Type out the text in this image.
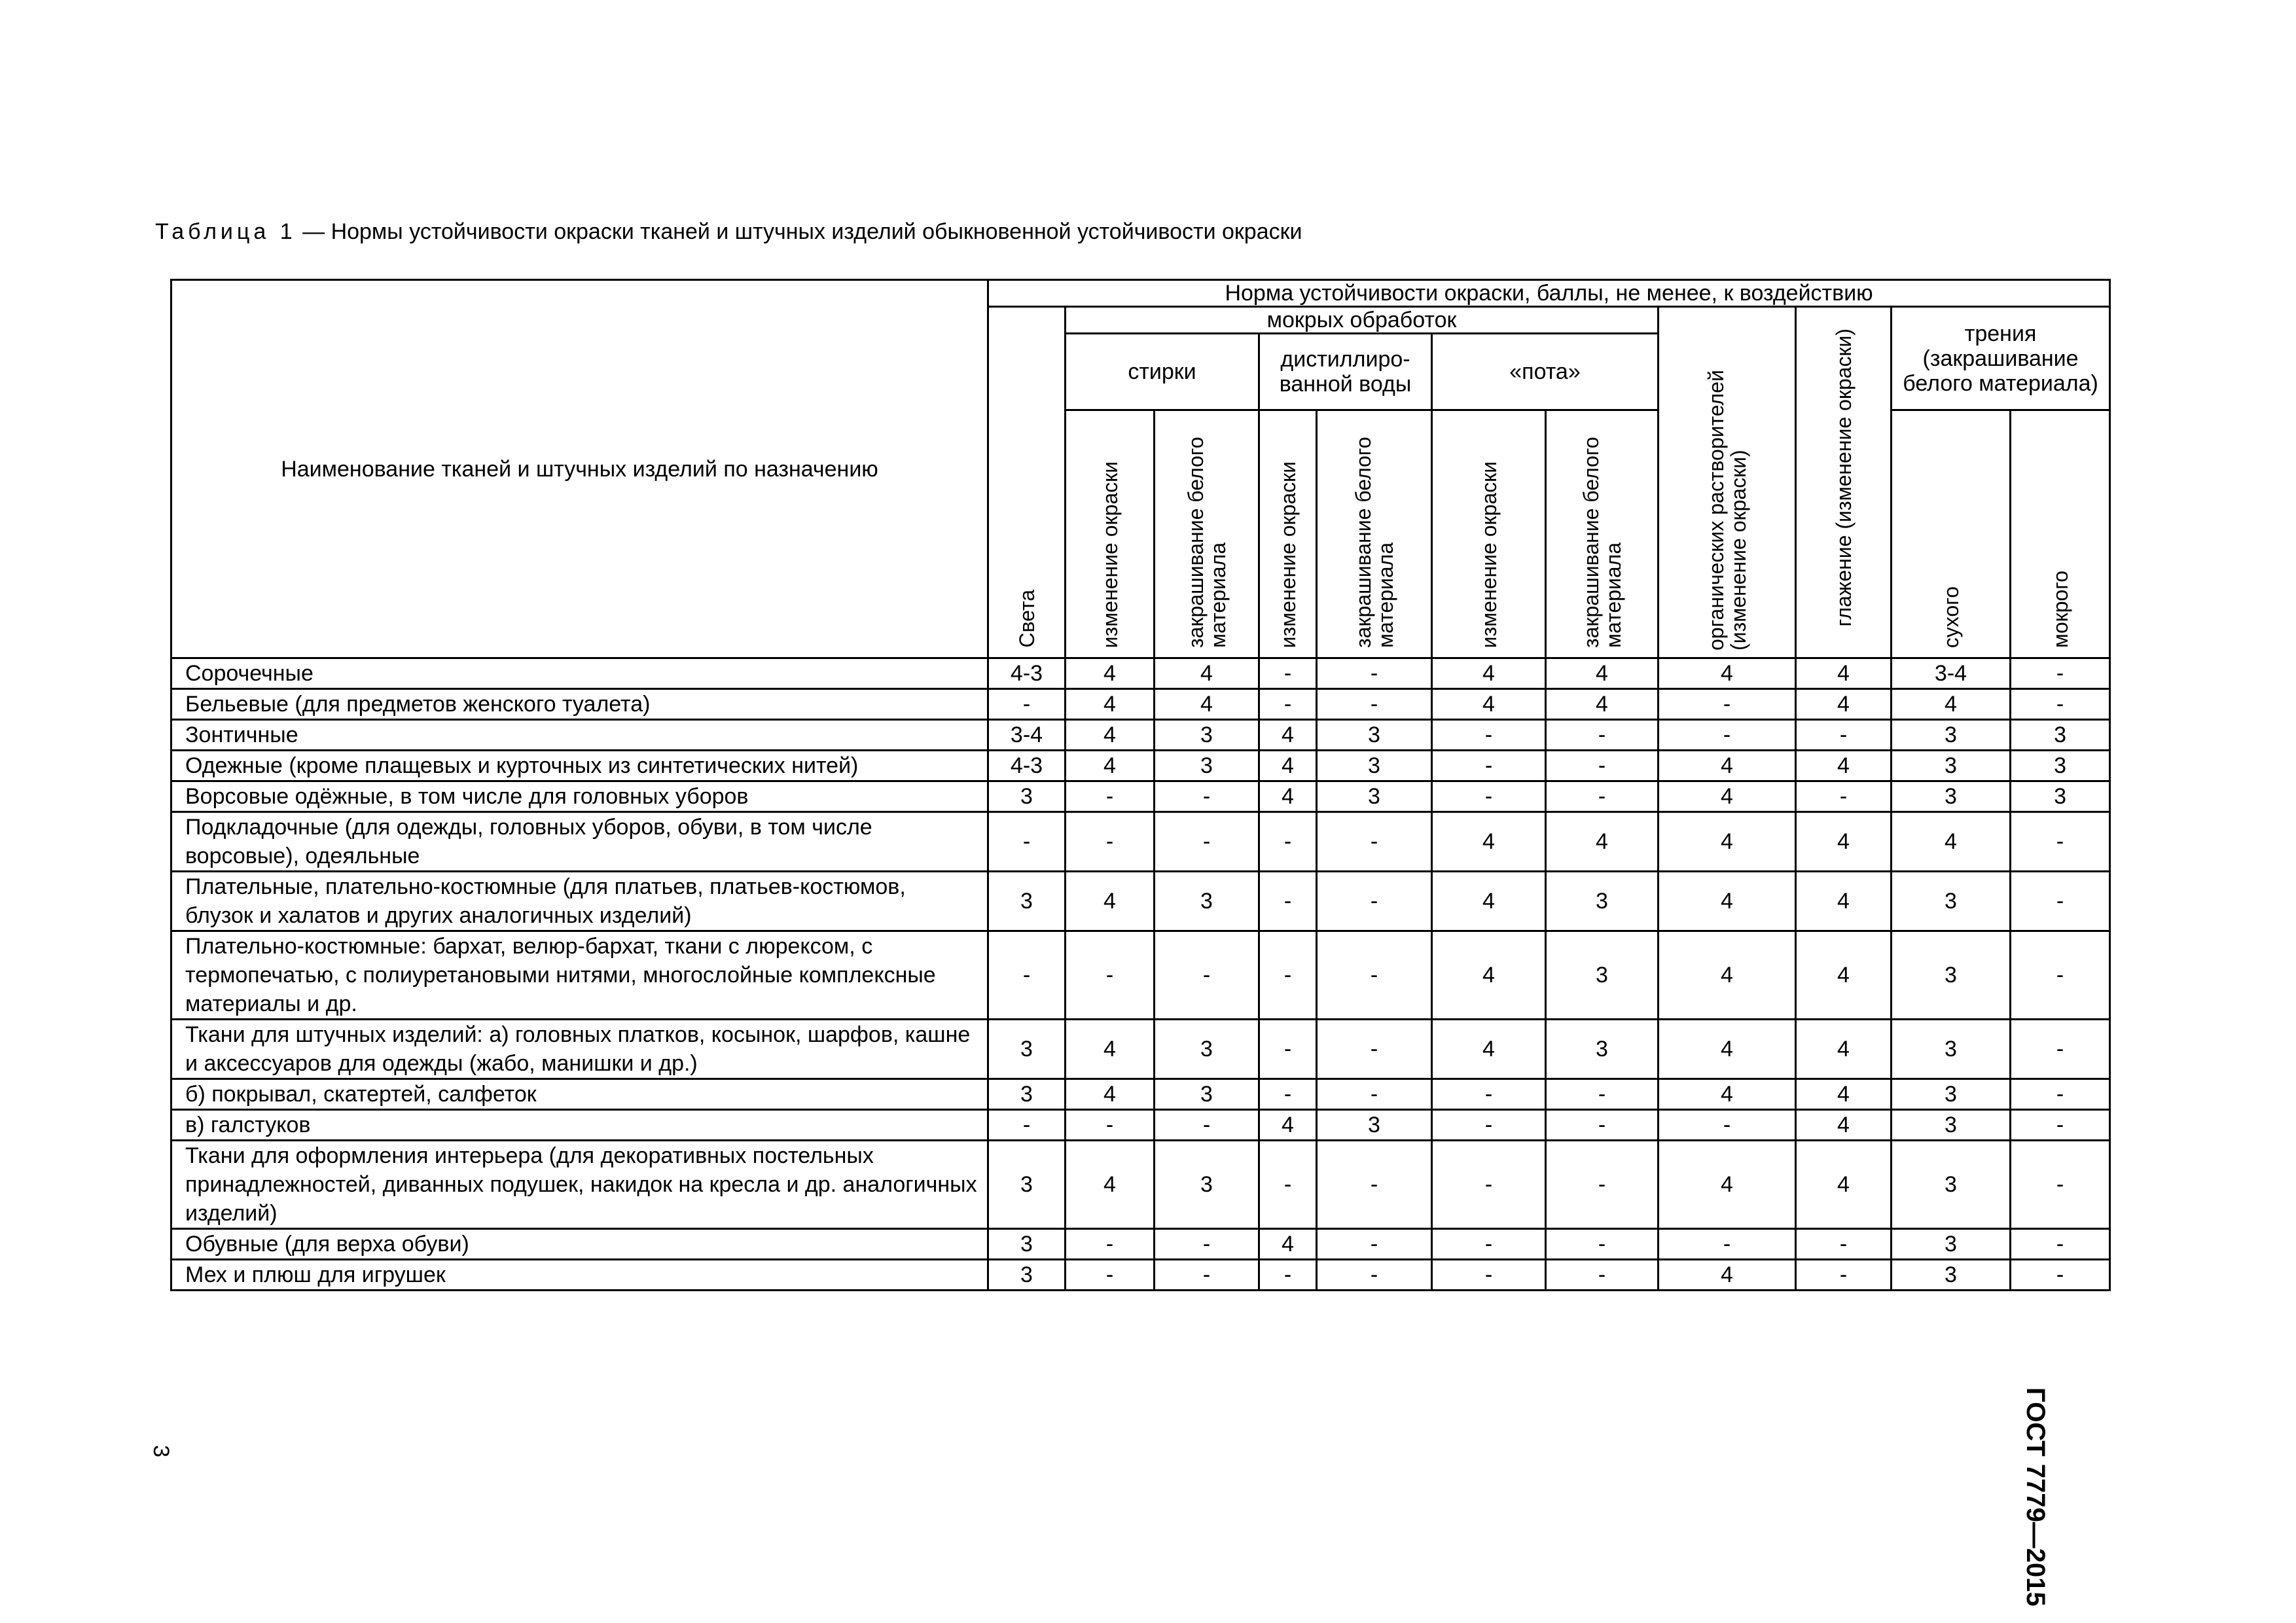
Таблица 1 — Нормы устойчивости окраски тканей и штучных изделий обыкновенной устойчивости окраски
Наименование тканей и штучных изделий по назначению	Норма устойчивости окраски, баллы, не менее, к воздействию										
	Света	мокрых обработок						органических растворителей (изменение окраски)	глажение (изменение окраски)	трения (закрашивание белого материала)	
		стирки		дистиллиро-ванной воды		«пота»					
		изменение окраски	закрашивание белого материала	изменение окраски	закрашивание белого материала	изменение окраски	закрашивание белого материала			сухого	мокрого
Сорочечные	4-3	4	4	-	-	4	4	4	4	3-4	-
Бельевые (для предметов женского туалета)	-	4	4	-	-	4	4	-	4	4	-
Зонтичные	3-4	4	3	4	3	-	-	-	-	3	3
Одежные (кроме плащевых и курточных из синтетических нитей)	4-3	4	3	4	3	-	-	4	4	3	3
Ворсовые одёжные, в том числе для головных уборов	3	-	-	4	3	-	-	4	-	3	3
Подкладочные (для одежды, головных уборов, обуви, в том числе ворсовые), одеяльные	-	-	-	-	-	4	4	4	4	4	-
Плательные, плательно-костюмные (для платьев, платьев-костюмов, блузок и халатов и других аналогичных изделий)	3	4	3	-	-	4	3	4	4	3	-
Плательно-костюмные: бархат, велюр-бархат, ткани с люрексом, с термопечатью, с полиуретановыми нитями, многослойные комплексные материалы и др.	-	-	-	-	-	4	3	4	4	3	-
Ткани для штучных изделий: а) головных платков, косынок, шарфов, кашне и аксессуаров для одежды (жабо, манишки и др.)	3	4	3	-	-	4	3	4	4	3	-
б) покрывал, скатертей, салфеток	3	4	3	-	-	-	-	4	4	3	-
в) галстуков	-	-	-	4	3	-	-	-	4	3	-
Ткани для оформления интерьера (для декоративных постельных принадлежностей, диванных подушек, накидок на кресла и др. аналогичных изделий)	3	4	3	-	-	-	-	4	4	3	-
Обувные (для верха обуви)	3	-	-	4	-	-	-	-	-	3	-
Мех и плюш для игрушек	3	-	-	-	-	-	-	4	-	3	-
3	ГОСТ 7779—2015
